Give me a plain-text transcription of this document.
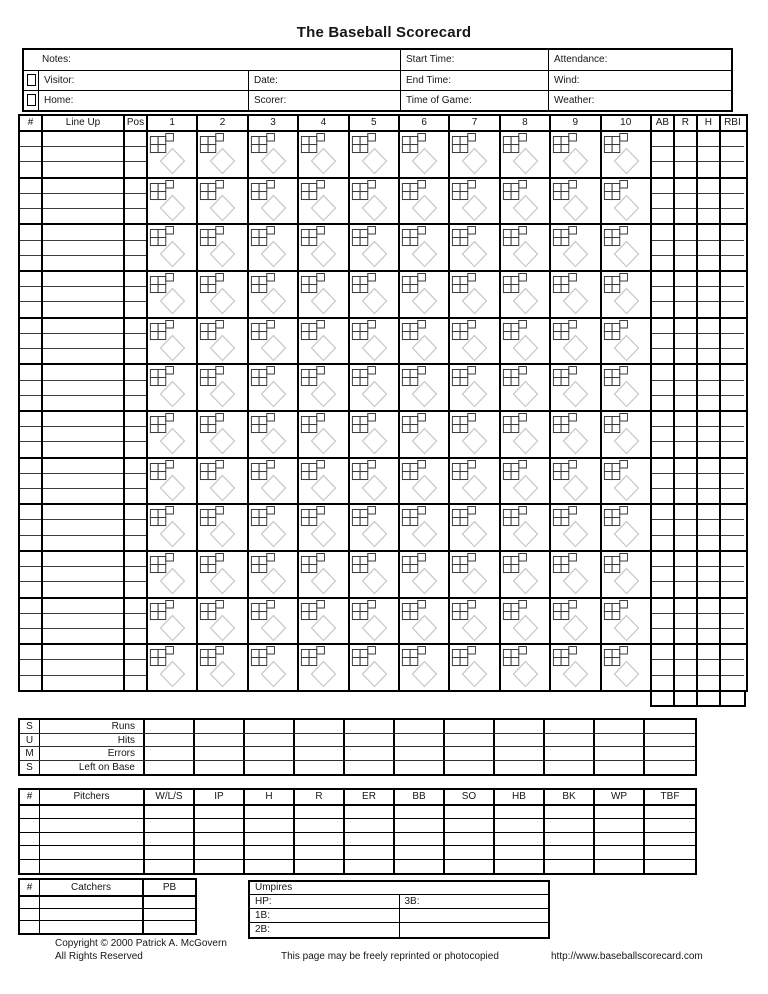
The Baseball Scorecard
Notes:	Start Time:	Attendance:
Visitor:	Date:	End Time:	Wind:
Home:	Scorer:	Time of Game:	Weather:
#	Line Up	Pos	1	2	3	4	5	6	7	8	9	10	AB	R	H	RBI
S	Runs
U	Hits
M	Errors
S	Left on Base
#	Pitchers	W/L/S	IP	H	R	ER	BB	SO	HB	BK	WP	TBF
#	Catchers	PB	Umpires
HP:	3B:
1B:
2B:
Copyright © 2000 Patrick A. McGovern
All Rights Reserved	This page may be freely reprinted or photocopied	http://www.baseballscorecard.com
